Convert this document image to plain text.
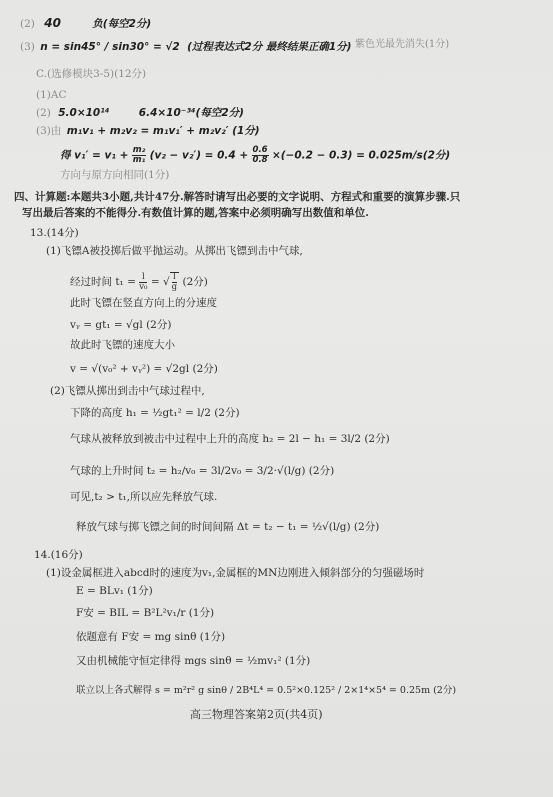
(2) 40	负(每空2分)
(3) n = sin45° / sin30° = √2 (过程表达式2分 最终结果正确1分) 紫色光最先消失(1分)
C.(选修模块3-5)(12分)
(1)AC
(2) 5.0×10¹⁴	6.4×10⁻³⁴(每空2分)
(3)由 m₁v₁ + m₂v₂ = m₁v₁′ + m₂v₂′ (1分)
得 $v_1' = v_1 + \frac{\text{m₂}}{\text{m₁}} (v_2 - v_2') = 0.4 + \frac{0.6}{0.8} \times(-0.2 - 0.3) = 0.025m/s(2$分)
方向与原方向相同(1分)
四、计算题:本题共3小题,共计47分.解答时请写出必要的文字说明、方程式和重要的演算步骤.只
写出最后答案的不能得分.有数值计算的题,答案中必须明确写出数值和单位.
13.(14分)
(1)飞镖A被投掷后做平抛运动。从掷出飞镖到击中气球,
经过时间 $t_1 = \frac{l}{\text{v₀}}$ = √ $\frac{l}{g} (2$分)
此时飞镖在竖直方向上的分速度
vᵧ = gt₁ = √gl (2分)
故此时飞镖的速度大小
v = √(v₀² + vᵧ²) = √2gl (2分)
(2)飞镖从掷出到击中气球过程中,
下降的高度 h₁ = ½gt₁² = l/2 (2分)
气球从被释放到被击中过程中上升的高度 h₂ = 2l − h₁ = 3l/2 (2分)
气球的上升时间 t₂ = h₂/v₀ = 3l/2v₀ = 3/2·√(l/g) (2分)
可见,t₂ > t₁,所以应先释放气球.
释放气球与掷飞镖之间的时间间隔 Δt = t₂ − t₁ = ½√(l/g) (2分)
14.(16分)
(1)设金属框进入abcd时的速度为v₁,金属框的MN边刚进入倾斜部分的匀强磁场时
E = BLv₁ (1分)
F安 = BIL = B²L²v₁/r (1分)
依题意有 F安 = mg sinθ (1分)
又由机械能守恒定律得 mgs sinθ = ½mv₁² (1分)
联立以上各式解得 s = m²r² g sinθ / 2B⁴L⁴ = 0.5²×0.125² / 2×1⁴×5⁴ = 0.25m (2分)
高三物理答案第2页(共4页)
